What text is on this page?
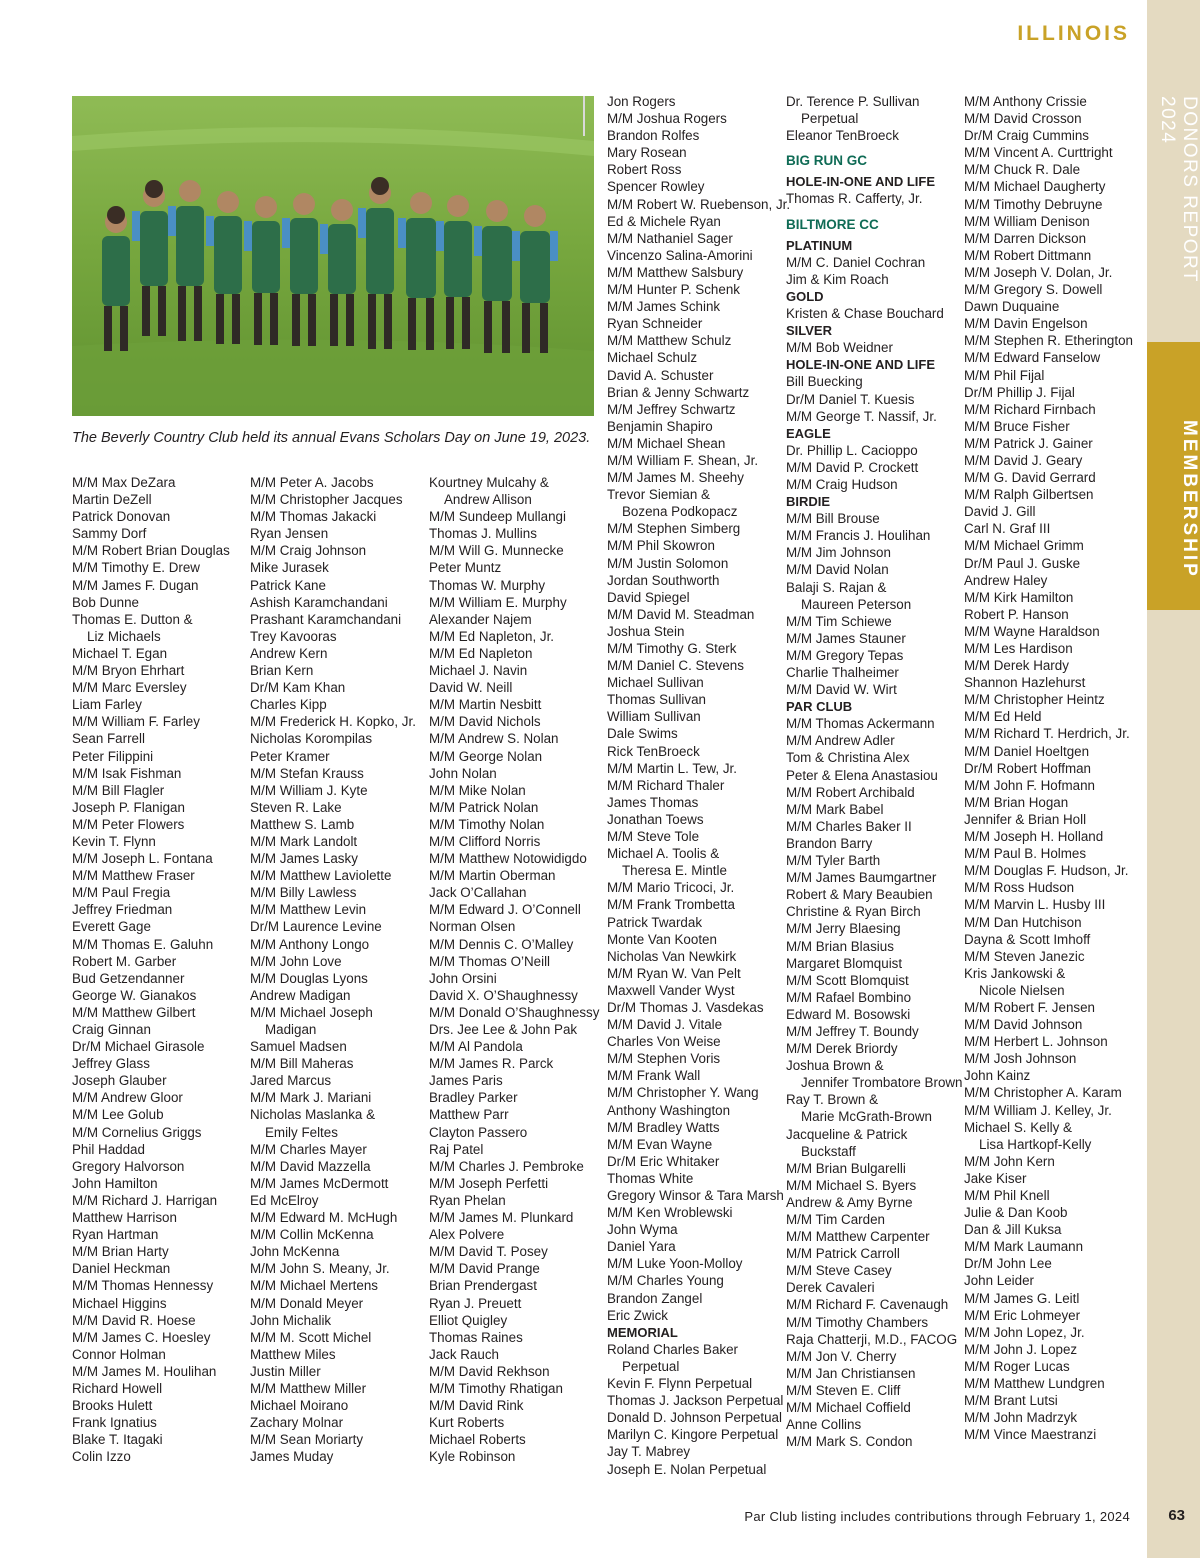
ILLINOIS
DONORS REPORT 2024
MEMBERSHIP
The Beverly Country Club held its annual Evans Scholars Day on June 19, 2023.
M/M Max DeZara
Martin DeZell
Patrick Donovan
Sammy Dorf
M/M Robert Brian Douglas
M/M Timothy E. Drew
M/M James F. Dugan
Bob Dunne
Thomas E. Dutton &
Liz Michaels
Michael T. Egan
M/M Bryon Ehrhart
M/M Marc Eversley
Liam Farley
M/M William F. Farley
Sean Farrell
Peter Filippini
M/M Isak Fishman
M/M Bill Flagler
Joseph P. Flanigan
M/M Peter Flowers
Kevin T. Flynn
M/M Joseph L. Fontana
M/M Matthew Fraser
M/M Paul Fregia
Jeffrey Friedman
Everett Gage
M/M Thomas E. Galuhn
Robert M. Garber
Bud Getzendanner
George W. Gianakos
M/M Matthew Gilbert
Craig Ginnan
Dr/M Michael Girasole
Jeffrey Glass
Joseph Glauber
M/M Andrew Gloor
M/M Lee Golub
M/M Cornelius Griggs
Phil Haddad
Gregory Halvorson
John Hamilton
M/M Richard J. Harrigan
Matthew Harrison
Ryan Hartman
M/M Brian Harty
Daniel Heckman
M/M Thomas Hennessy
Michael Higgins
M/M David R. Hoese
M/M James C. Hoesley
Connor Holman
M/M James M. Houlihan
Richard Howell
Brooks Hulett
Frank Ignatius
Blake T. Itagaki
Colin Izzo
M/M Peter A. Jacobs
M/M Christopher Jacques
M/M Thomas Jakacki
Ryan Jensen
M/M Craig Johnson
Mike Jurasek
Patrick Kane
Ashish Karamchandani
Prashant Karamchandani
Trey Kavooras
Andrew Kern
Brian Kern
Dr/M Kam Khan
Charles Kipp
M/M Frederick H. Kopko, Jr.
Nicholas Korompilas
Peter Kramer
M/M Stefan Krauss
M/M William J. Kyte
Steven R. Lake
Matthew S. Lamb
M/M Mark Landolt
M/M James Lasky
M/M Matthew Laviolette
M/M Billy Lawless
M/M Matthew Levin
Dr/M Laurence Levine
M/M Anthony Longo
M/M John Love
M/M Douglas Lyons
Andrew Madigan
M/M Michael Joseph
Madigan
Samuel Madsen
M/M Bill Maheras
Jared Marcus
M/M Mark J. Mariani
Nicholas Maslanka &
Emily Feltes
M/M Charles Mayer
M/M David Mazzella
M/M James McDermott
Ed McElroy
M/M Edward M. McHugh
M/M Collin McKenna
John McKenna
M/M John S. Meany, Jr.
M/M Michael Mertens
M/M Donald Meyer
John Michalik
M/M M. Scott Michel
Matthew Miles
Justin Miller
M/M Matthew Miller
Michael Moirano
Zachary Molnar
M/M Sean Moriarty
James Muday
Kourtney Mulcahy &
Andrew Allison
M/M Sundeep Mullangi
Thomas J. Mullins
M/M Will G. Munnecke
Peter Muntz
Thomas W. Murphy
M/M William E. Murphy
Alexander Najem
M/M Ed Napleton, Jr.
M/M Ed Napleton
Michael J. Navin
David W. Neill
M/M Martin Nesbitt
M/M David Nichols
M/M Andrew S. Nolan
M/M George Nolan
John Nolan
M/M Mike Nolan
M/M Patrick Nolan
M/M Timothy Nolan
M/M Clifford Norris
M/M Matthew Notowidigdo
M/M Martin Oberman
Jack O’Callahan
M/M Edward J. O’Connell
Norman Olsen
M/M Dennis C. O’Malley
M/M Thomas O’Neill
John Orsini
David X. O’Shaughnessy
M/M Donald O’Shaughnessy
Drs. Jee Lee & John Pak
M/M Al Pandola
M/M James R. Parck
James Paris
Bradley Parker
Matthew Parr
Clayton Passero
Raj Patel
M/M Charles J. Pembroke
M/M Joseph Perfetti
Ryan Phelan
M/M James M. Plunkard
Alex Polvere
M/M David T. Posey
M/M David Prange
Brian Prendergast
Ryan J. Preuett
Elliot Quigley
Thomas Raines
Jack Rauch
M/M David Rekhson
M/M Timothy Rhatigan
M/M David Rink
Kurt Roberts
Michael Roberts
Kyle Robinson
Jon Rogers
M/M Joshua Rogers
Brandon Rolfes
Mary Rosean
Robert Ross
Spencer Rowley
M/M Robert W. Ruebenson, Jr.
Ed & Michele Ryan
M/M Nathaniel Sager
Vincenzo Salina-Amorini
M/M Matthew Salsbury
M/M Hunter P. Schenk
M/M James Schink
Ryan Schneider
M/M Matthew Schulz
Michael Schulz
David A. Schuster
Brian & Jenny Schwartz
M/M Jeffrey Schwartz
Benjamin Shapiro
M/M Michael Shean
M/M William F. Shean, Jr.
M/M James M. Sheehy
Trevor Siemian &
Bozena Podkopacz
M/M Stephen Simberg
M/M Phil Skowron
M/M Justin Solomon
Jordan Southworth
David Spiegel
M/M David M. Steadman
Joshua Stein
M/M Timothy G. Sterk
M/M Daniel C. Stevens
Michael Sullivan
Thomas Sullivan
William Sullivan
Dale Swims
Rick TenBroeck
M/M Martin L. Tew, Jr.
M/M Richard Thaler
James Thomas
Jonathan Toews
M/M Steve Tole
Michael A. Toolis &
Theresa E. Mintle
M/M Mario Tricoci, Jr.
M/M Frank Trombetta
Patrick Twardak
Monte Van Kooten
Nicholas Van Newkirk
M/M Ryan W. Van Pelt
Maxwell Vander Wyst
Dr/M Thomas J. Vasdekas
M/M David J. Vitale
Charles Von Weise
M/M Stephen Voris
M/M Frank Wall
M/M Christopher Y. Wang
Anthony Washington
M/M Bradley Watts
M/M Evan Wayne
Dr/M Eric Whitaker
Thomas White
Gregory Winsor & Tara Marsh
M/M Ken Wroblewski
John Wyma
Daniel Yara
M/M Luke Yoon-Molloy
M/M Charles Young
Brandon Zangel
Eric Zwick
MEMORIAL
Roland Charles Baker
Perpetual
Kevin F. Flynn Perpetual
Thomas J. Jackson Perpetual
Donald D. Johnson Perpetual
Marilyn C. Kingore Perpetual
Jay T. Mabrey
Joseph E. Nolan Perpetual
Dr. Terence P. Sullivan
Perpetual
Eleanor TenBroeck
BIG RUN GC
HOLE-IN-ONE AND LIFE
Thomas R. Cafferty, Jr.
BILTMORE CC
PLATINUM
M/M C. Daniel Cochran
Jim & Kim Roach
GOLD
Kristen & Chase Bouchard
SILVER
M/M Bob Weidner
HOLE-IN-ONE AND LIFE
Bill Buecking
Dr/M Daniel T. Kuesis
M/M George T. Nassif, Jr.
EAGLE
Dr. Phillip L. Cacioppo
M/M David P. Crockett
M/M Craig Hudson
BIRDIE
M/M Bill Brouse
M/M Francis J. Houlihan
M/M Jim Johnson
M/M David Nolan
Balaji S. Rajan &
Maureen Peterson
M/M Tim Schiewe
M/M James Stauner
M/M Gregory Tepas
Charlie Thalheimer
M/M David W. Wirt
PAR CLUB
M/M Thomas Ackermann
M/M Andrew Adler
Tom & Christina Alex
Peter & Elena Anastasiou
M/M Robert Archibald
M/M Mark Babel
M/M Charles Baker II
Brandon Barry
M/M Tyler Barth
M/M James Baumgartner
Robert & Mary Beaubien
Christine & Ryan Birch
M/M Jerry Blaesing
M/M Brian Blasius
Margaret Blomquist
M/M Scott Blomquist
M/M Rafael Bombino
Edward M. Bosowski
M/M Jeffrey T. Boundy
M/M Derek Briordy
Joshua Brown &
Jennifer Trombatore Brown
Ray T. Brown &
Marie McGrath-Brown
Jacqueline & Patrick
Buckstaff
M/M Brian Bulgarelli
M/M Michael S. Byers
Andrew & Amy Byrne
M/M Tim Carden
M/M Matthew Carpenter
M/M Patrick Carroll
M/M Steve Casey
Derek Cavaleri
M/M Richard F. Cavenaugh
M/M Timothy Chambers
Raja Chatterji, M.D., FACOG
M/M Jon V. Cherry
M/M Jan Christiansen
M/M Steven E. Cliff
M/M Michael Coffield
Anne Collins
M/M Mark S. Condon
M/M Anthony Crissie
M/M David Crosson
Dr/M Craig Cummins
M/M Vincent A. Curttright
M/M Chuck R. Dale
M/M Michael Daugherty
M/M Timothy Debruyne
M/M William Denison
M/M Darren Dickson
M/M Robert Dittmann
M/M Joseph V. Dolan, Jr.
M/M Gregory S. Dowell
Dawn Duquaine
M/M Davin Engelson
M/M Stephen R. Etherington
M/M Edward Fanselow
M/M Phil Fijal
Dr/M Phillip J. Fijal
M/M Richard Firnbach
M/M Bruce Fisher
M/M Patrick J. Gainer
M/M David J. Geary
M/M G. David Gerrard
M/M Ralph Gilbertsen
David J. Gill
Carl N. Graf III
M/M Michael Grimm
Dr/M Paul J. Guske
Andrew Haley
M/M Kirk Hamilton
Robert P. Hanson
M/M Wayne Haraldson
M/M Les Hardison
M/M Derek Hardy
Shannon Hazlehurst
M/M Christopher Heintz
M/M Ed Held
M/M Richard T. Herdrich, Jr.
M/M Daniel Hoeltgen
Dr/M Robert Hoffman
M/M John F. Hofmann
M/M Brian Hogan
Jennifer & Brian Holl
M/M Joseph H. Holland
M/M Paul B. Holmes
M/M Douglas F. Hudson, Jr.
M/M Ross Hudson
M/M Marvin L. Husby III
M/M Dan Hutchison
Dayna & Scott Imhoff
M/M Steven Janezic
Kris Jankowski &
Nicole Nielsen
M/M Robert F. Jensen
M/M David Johnson
M/M Herbert L. Johnson
M/M Josh Johnson
John Kainz
M/M Christopher A. Karam
M/M William J. Kelley, Jr.
Michael S. Kelly &
Lisa Hartkopf-Kelly
M/M John Kern
Jake Kiser
M/M Phil Knell
Julie & Dan Koob
Dan & Jill Kuksa
M/M Mark Laumann
Dr/M John Lee
John Leider
M/M James G. Leitl
M/M Eric Lohmeyer
M/M John Lopez, Jr.
M/M John J. Lopez
M/M Roger Lucas
M/M Matthew Lundgren
M/M Brant Lutsi
M/M John Madrzyk
M/M Vince Maestranzi
Par Club listing includes contributions through February 1, 2024	63
